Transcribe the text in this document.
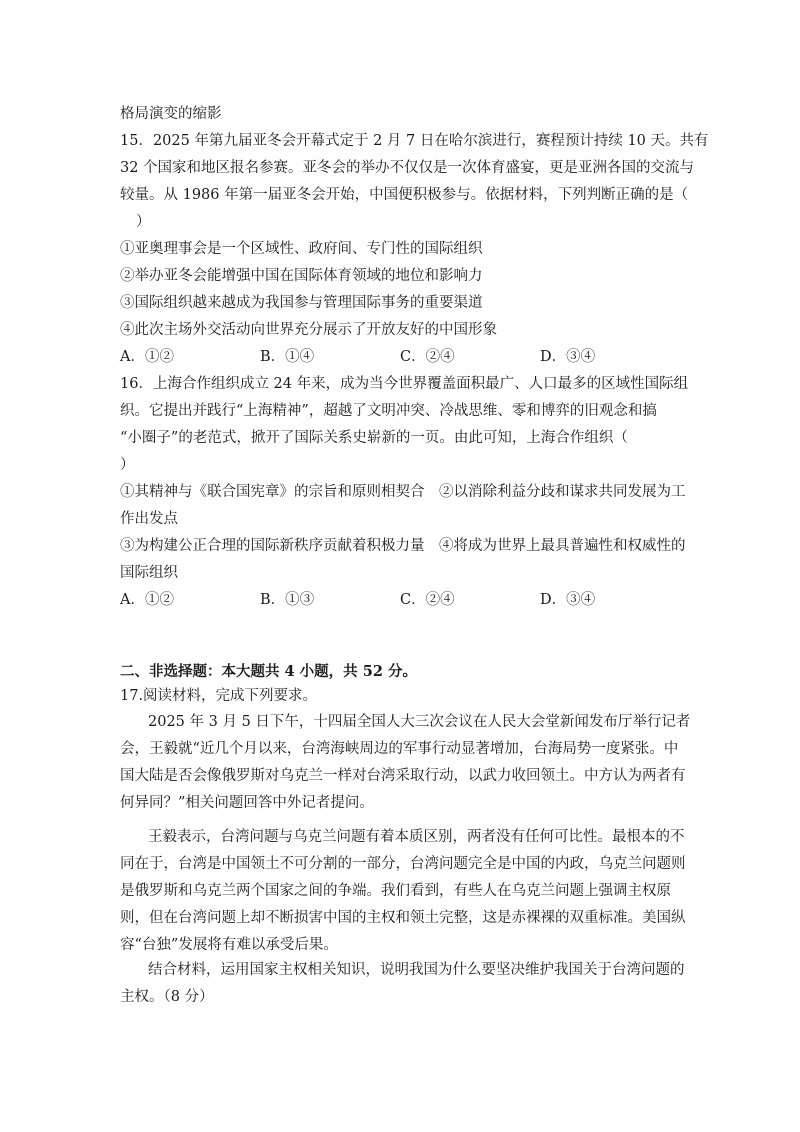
格局演变的缩影
15．2025 年第九届亚冬会开幕式定于 2 月 7 日在哈尔滨进行，赛程预计持续 10 天。共有
32 个国家和地区报名参赛。亚冬会的举办不仅仅是一次体育盛宴，更是亚洲各国的交流与
较量。从 1986 年第一届亚冬会开始，中国便积极参与。依据材料，下列判断正确的是（
）
①亚奥理事会是一个区域性、政府间、专门性的国际组织
②举办亚冬会能增强中国在国际体育领域的地位和影响力
③国际组织越来越成为我国参与管理国际事务的重要渠道
④此次主场外交活动向世界充分展示了开放友好的中国形象
A．①②	B．①④	C．②④	D．③④
16．上海合作组织成立 24 年来，成为当今世界覆盖面积最广、人口最多的区域性国际组
织。它提出并践行“上海精神”，超越了文明冲突、冷战思维、零和博弈的旧观念和搞
“小圈子”的老范式，掀开了国际关系史崭新的一页。由此可知，上海合作组织（
）
①其精神与《联合国宪章》的宗旨和原则相契合　②以消除利益分歧和谋求共同发展为工
作出发点
③为构建公正合理的国际新秩序贡献着积极力量　④将成为世界上最具普遍性和权威性的
国际组织
A．①②	B．①③	C．②④	D．③④
二、非选择题：本大题共 4 小题，共 52 分。
17.阅读材料，完成下列要求。
2025 年 3 月 5 日下午，十四届全国人大三次会议在人民大会堂新闻发布厅举行记者
会，王毅就“近几个月以来，台湾海峡周边的军事行动显著增加，台海局势一度紧张。中
国大陆是否会像俄罗斯对乌克兰一样对台湾采取行动，以武力收回领土。中方认为两者有
何异同？”相关问题回答中外记者提问。
王毅表示，台湾问题与乌克兰问题有着本质区别，两者没有任何可比性。最根本的不
同在于，台湾是中国领土不可分割的一部分，台湾问题完全是中国的内政，乌克兰问题则
是俄罗斯和乌克兰两个国家之间的争端。我们看到，有些人在乌克兰问题上强调主权原
则，但在台湾问题上却不断损害中国的主权和领土完整，这是赤裸裸的双重标准。美国纵
容“台独”发展将有难以承受后果。
结合材料，运用国家主权相关知识，说明我国为什么要坚决维护我国关于台湾问题的
主权。（8 分）
